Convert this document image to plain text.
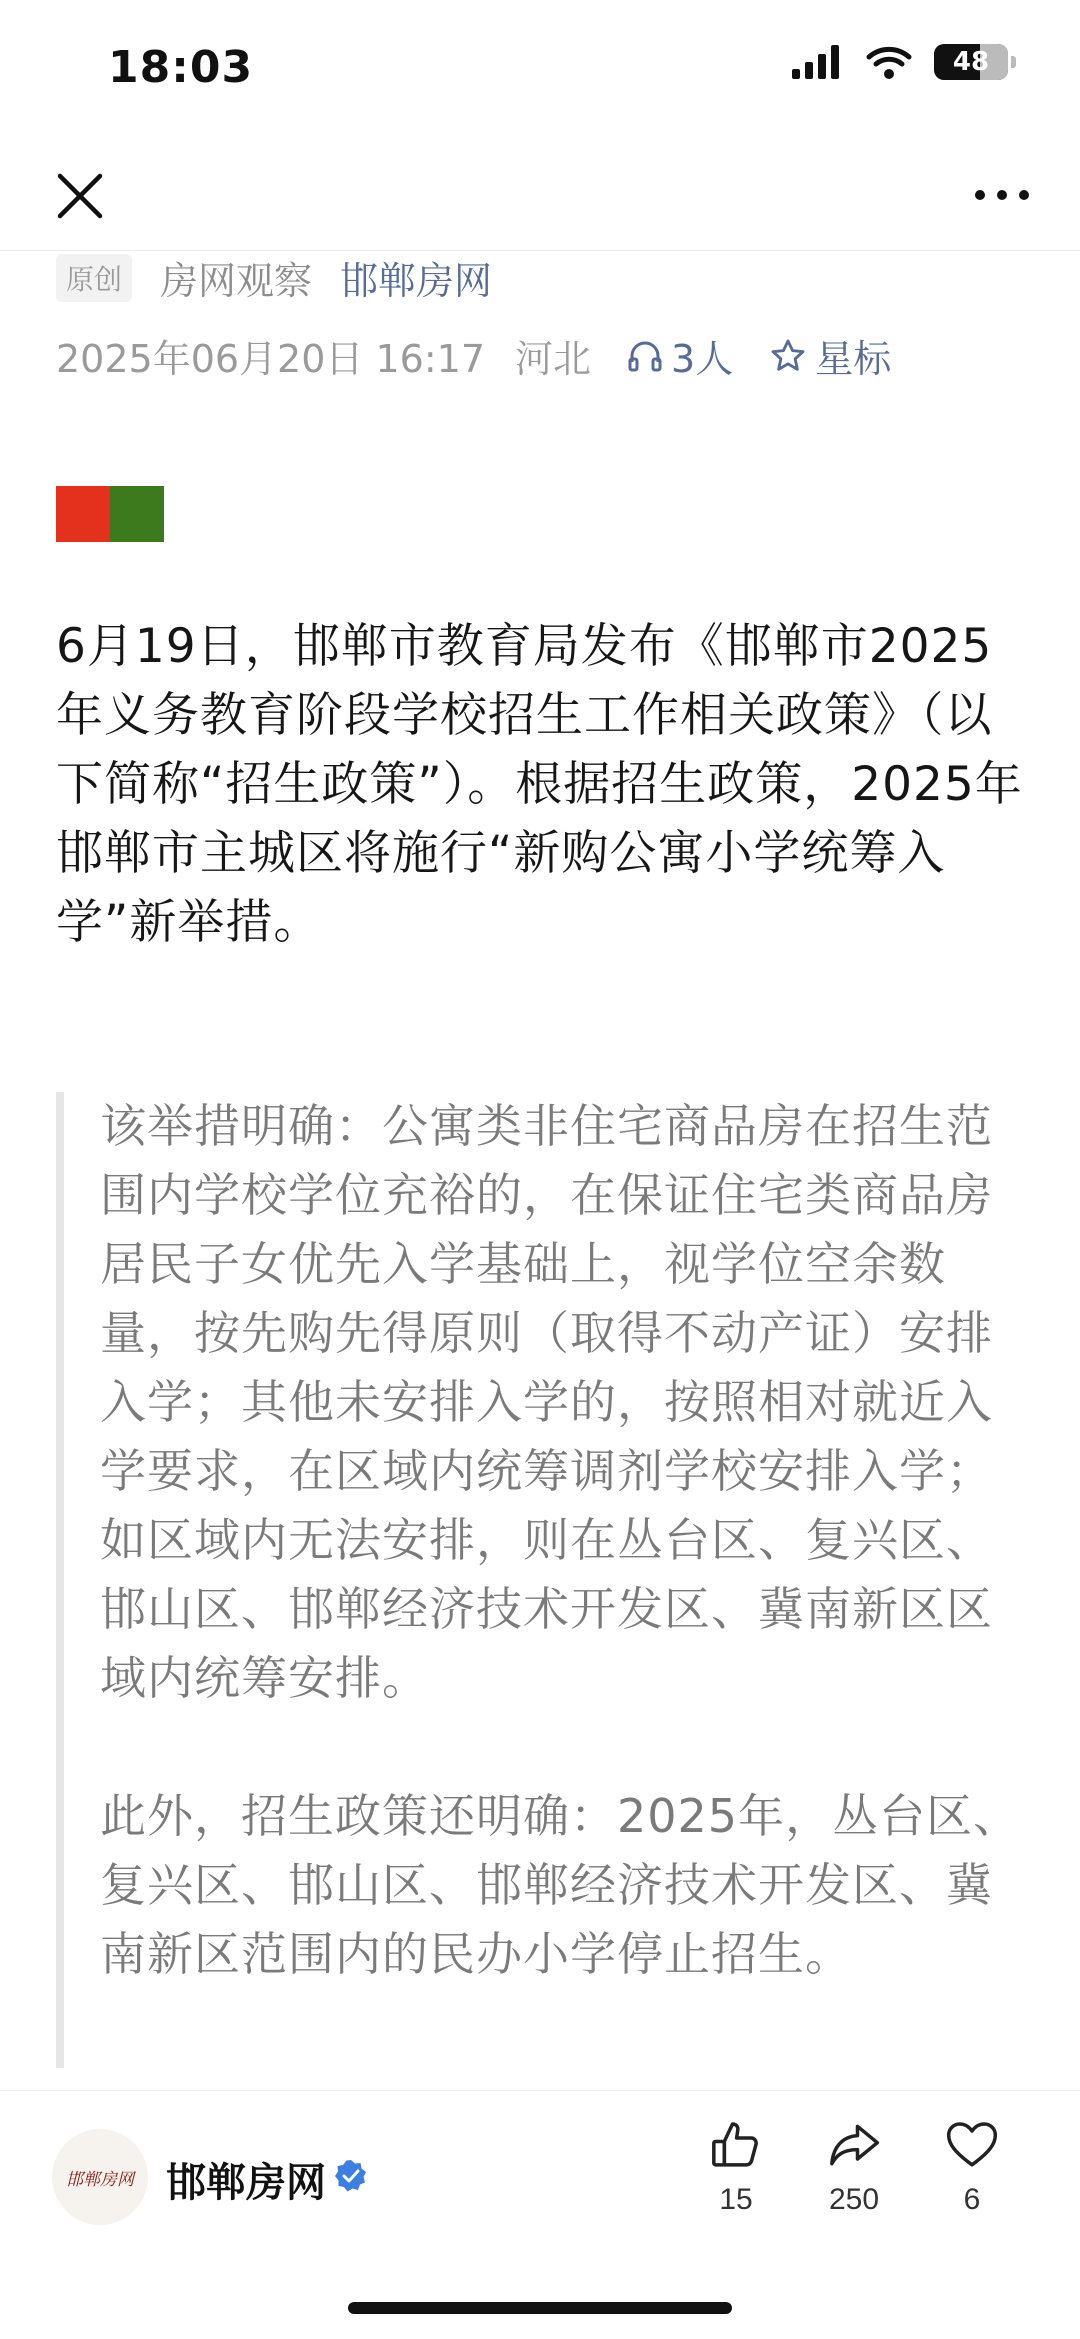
18:03	48
原创 房网观察 邯郸房网
2025年06月20日 16:17 河北 3人 星标
6月19日，邯郸市教育局发布《邯郸市2025年义务教育阶段学校招生工作相关政策》（以下简称“招生政策”）。根据招生政策，2025年邯郸市主城区将施行“新购公寓小学统筹入学”新举措。

该举措明确：公寓类非住宅商品房在招生范围内学校学位充裕的，在保证住宅类商品房居民子女优先入学基础上，视学位空余数量，按先购先得原则（取得不动产证）安排入学；其他未安排入学的，按照相对就近入学要求，在区域内统筹调剂学校安排入学；如区域内无法安排，则在丛台区、复兴区、邯山区、邯郸经济技术开发区、冀南新区区域内统筹安排。

此外，招生政策还明确：2025年，丛台区、复兴区、邯山区、邯郸经济技术开发区、冀南新区范围内的民办小学停止招生。

邯郸房网 邯郸房网	15	250	6
